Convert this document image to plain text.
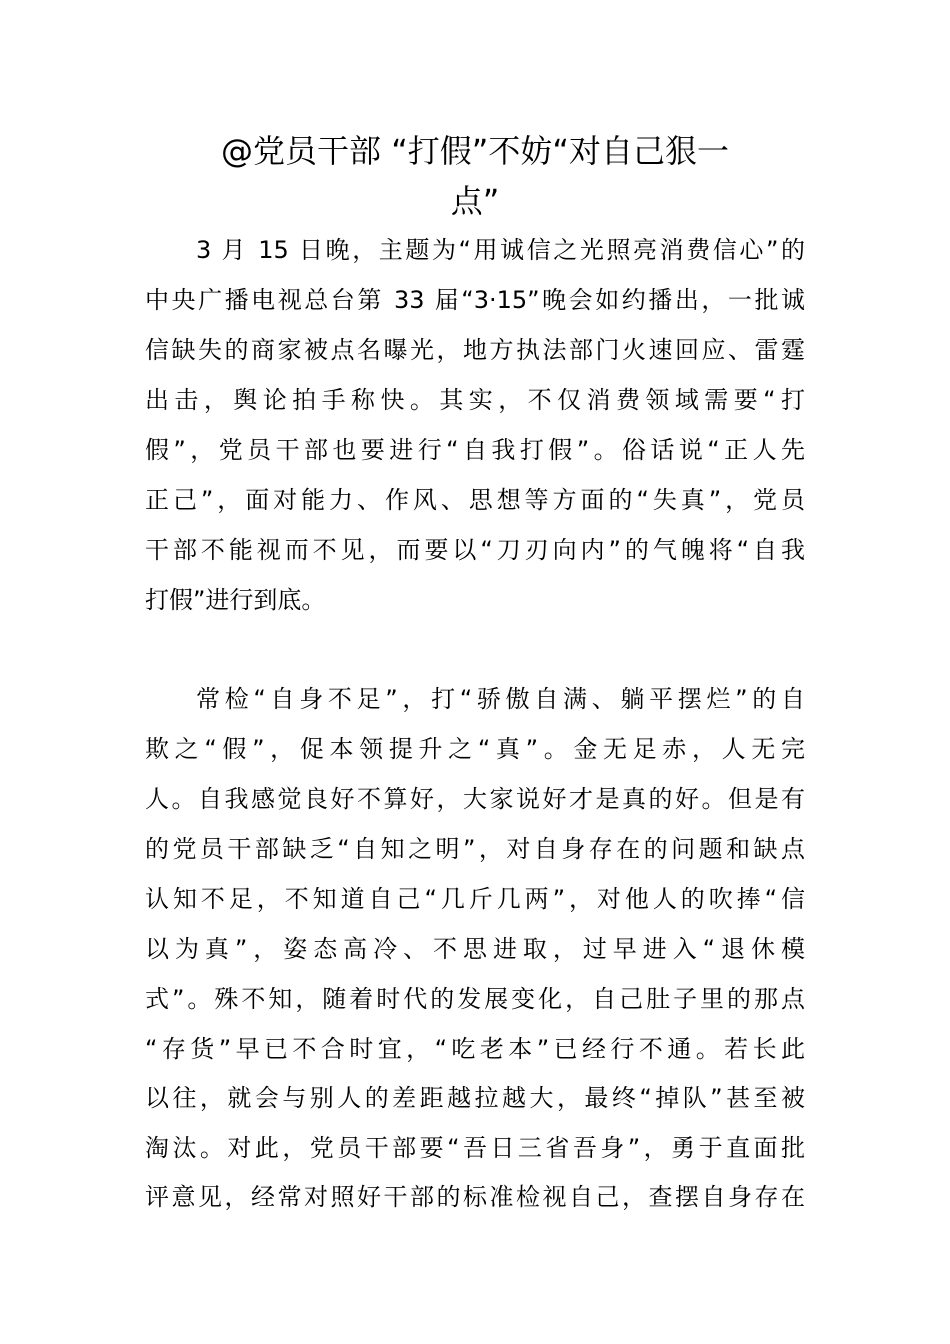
@党员干部 “打假”不妨“对自己狠一
点”
3 月 15 日晚，主题为“用诚信之光照亮消费信心”的
中央广播电视总台第 33 届“3·15”晚会如约播出，一批诚
信缺失的商家被点名曝光，地方执法部门火速回应、雷霆
出击，舆论拍手称快。其实，不仅消费领域需要“打
假”，党员干部也要进行“自我打假”。俗话说“正人先
正己”，面对能力、作风、思想等方面的“失真”，党员
干部不能视而不见，而要以“刀刃向内”的气魄将“自我
打假”进行到底。
常检“自身不足”，打“骄傲自满、躺平摆烂”的自
欺之“假”，促本领提升之“真”。金无足赤，人无完
人。自我感觉良好不算好，大家说好才是真的好。但是有
的党员干部缺乏“自知之明”，对自身存在的问题和缺点
认知不足，不知道自己“几斤几两”，对他人的吹捧“信
以为真”，姿态高冷、不思进取，过早进入“退休模
式”。殊不知，随着时代的发展变化，自己肚子里的那点
“存货”早已不合时宜，“吃老本”已经行不通。若长此
以往，就会与别人的差距越拉越大，最终“掉队”甚至被
淘汰。对此，党员干部要“吾日三省吾身”，勇于直面批
评意见，经常对照好干部的标准检视自己，查摆自身存在
